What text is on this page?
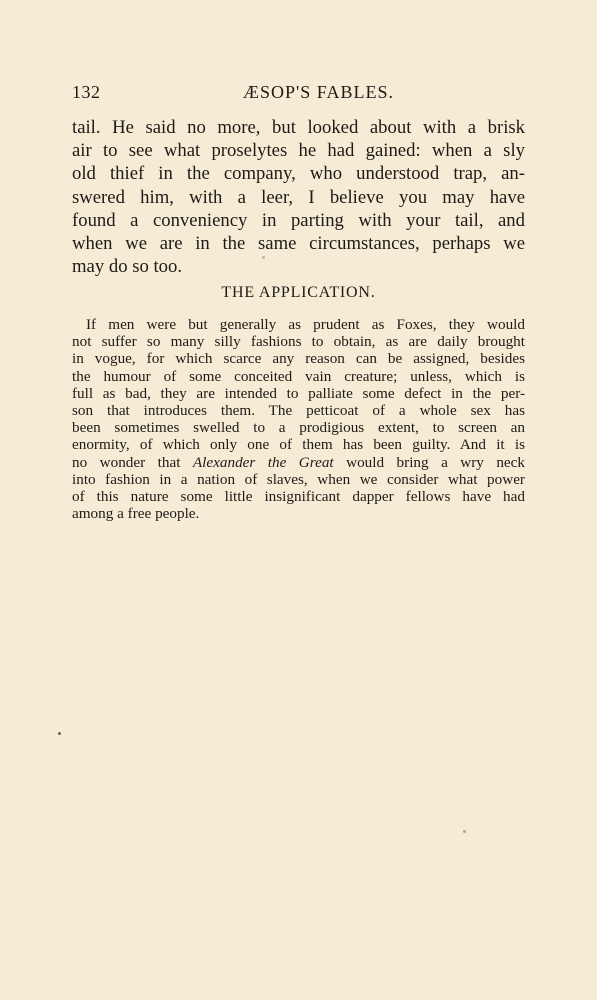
132	ÆSOP'S FABLES.
tail. He said no more, but looked about with a brisk
air to see what proselytes he had gained: when a sly
old thief in the company, who understood trap, an-
swered him, with a leer, I believe you may have
found a conveniency in parting with your tail, and
when we are in the same circumstances, perhaps we
may do so too.
THE APPLICATION.
If men were but generally as prudent as Foxes, they would
not suffer so many silly fashions to obtain, as are daily brought
in vogue, for which scarce any reason can be assigned, besides
the humour of some conceited vain creature; unless, which is
full as bad, they are intended to palliate some defect in the per-
son that introduces them. The petticoat of a whole sex has
been sometimes swelled to a prodigious extent, to screen an
enormity, of which only one of them has been guilty. And it is
no wonder that Alexander the Great would bring a wry neck
into fashion in a nation of slaves, when we consider what power
of this nature some little insignificant dapper fellows have had
among a free people.
